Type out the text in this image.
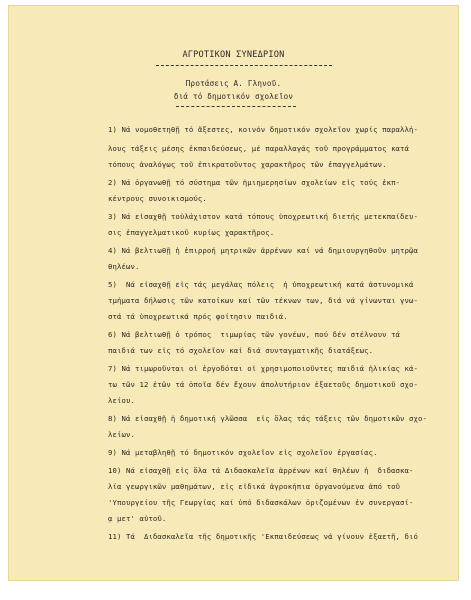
ΑΓΡΟΤΙΚΟΝ ΣΥΝΕΔΡΙΟΝ
Προτάσεις Α. Γληνοῦ.
διά τό δημοτικόν σχολεῖον
1) Νά νομοθετηθῇ τό ἄξεστες, κοινόν δημοτικόν σχολεῖον χωρίς παραλλή-
λους τάξεις μέσης ἐκπαιδεύσεως, μέ παραλλαγάς τοῦ προγράμματος κατά
τόπους ἀναλόγως τοῦ ἐπικρατοῦντος χαρακτῆρος τῶν ἐπαγγελμάτων.
2) Νά ὀργανωθῇ τό σύστημα τῶν ἡμιημερησίων σχολείων εἰς τούς ἐκπ-
κέντρους συνοικισμούς.
3) Νά εἰσαχθῇ τοὐλάχιστον κατά τόπους ὑποχρεωτική διετής μετεκπαίδευ-
σις ἐπαγγελματικοῦ κυρίως χαρακτῆρος.
4) Νά βελτιωθῇ ἡ ἐπιρροή μητρικῶν ἀρρένων καί νά δημιουργηθοῦν μητρῷα
θηλέων.
5)  Νά εἰσαχθῇ εἰς τάς μεγάλας πόλεις  ἡ ὑποχρεωτική κατά ἀστυνομικά
τμήματα δήλωσις τῶν κατοίκων καί τῶν τέκνων των, διά νά γίνωνται γνω-
στά τά ὑποχρεωτικά πρός φοίτησιν παιδιά.
6) Νά βελτιωθῇ ὁ τρόπος  τιμωρίας τῶν γονέων, πού δέν στέλνουν τά
παιδιά των εἰς τό σχολεῖον καί διά συνταγματικῆς διατάξεως.
7) Νά τιμωροῦνται οἱ ἐργοδόται οἱ χρησιμοποιοῦντες παιδιά ἡλικίας κά-
τω τῶν 12 ἐτῶν τά ὁποῖα δέν ἔχουν ἀπολυτήριον ἐξαετοῦς δημοτικοῦ σχο-
λείου.
8) Νά εἰσαχθῇ ἡ δημοτική γλῶσσα  εἰς ὅλας τάς τάξεις τῶν δημοτικῶν σχο-
λείων.
9) Νά μεταβληθῇ τό δημοτικόν σχολεῖον εἰς σχολεῖον ἐργασίας.
10) Νά εἰσαχθῇ εἰς ὅλα τά Διδασκαλεῖα ἀρρένων καί θηλέων ἡ  διδασκα-
λία γεωργικῶν μαθημάτων, εἰς εἰδικά ἀγροκήπια ὀργανούμενα ἀπό τοῦ
'Υπουργείου τῆς Γεωργίας καί ὑπό διδασκάλων ὁριζομένων ἐν συνεργασί-
ᾳ μετ' αὐτοῦ.
11) Τά  Διδασκαλεῖα τῆς δημοτικῆς 'Εκπαιδεύσεως νά γίνουν ἐξαετῆ, διό
